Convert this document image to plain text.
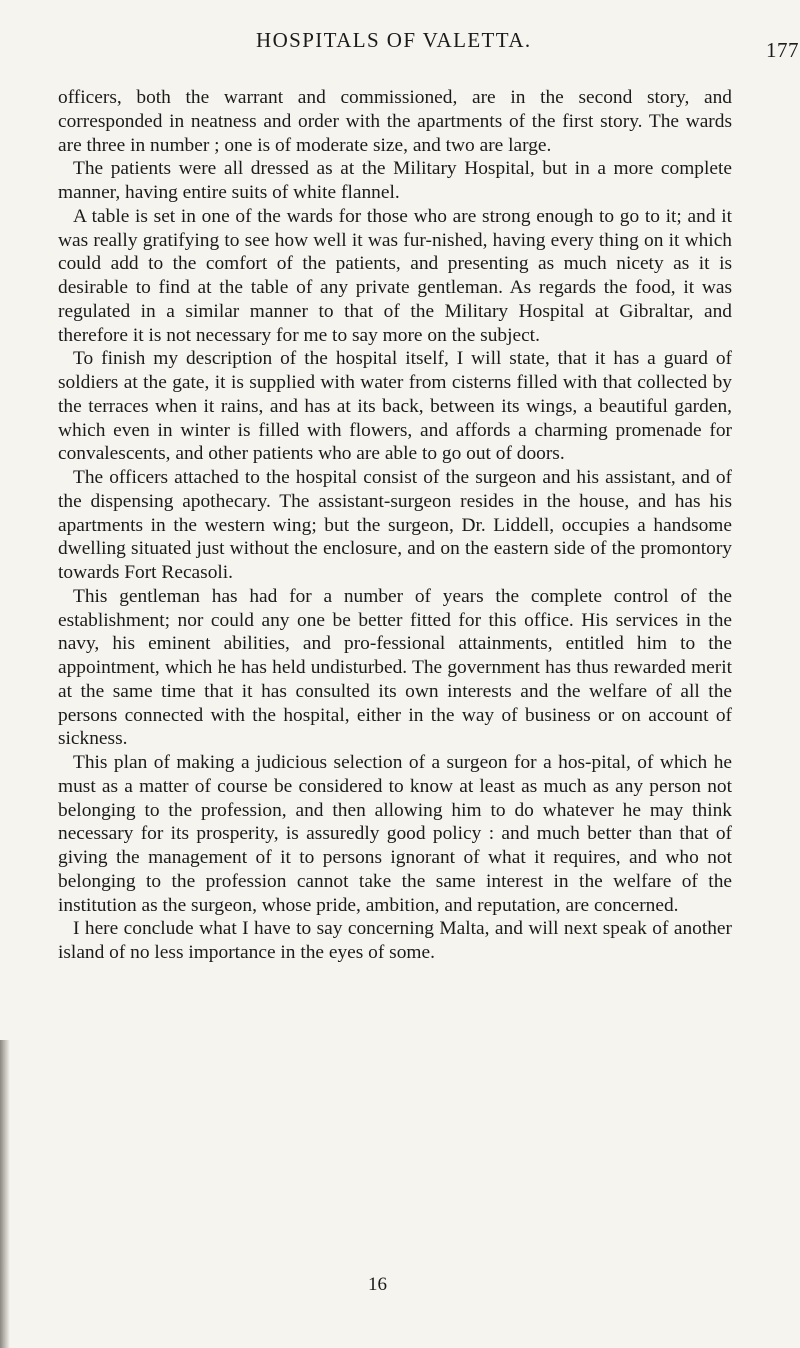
HOSPITALS OF VALETTA.	177

officers, both the warrant and commissioned, are in the second story, and corresponded in neatness and order with the apartments of the first story. The wards are three in number ; one is of moderate size, and two are large.

The patients were all dressed as at the Military Hospital, but in a more complete manner, having entire suits of white flannel.

A table is set in one of the wards for those who are strong enough to go to it; and it was really gratifying to see how well it was fur-nished, having every thing on it which could add to the comfort of the patients, and presenting as much nicety as it is desirable to find at the table of any private gentleman. As regards the food, it was regulated in a similar manner to that of the Military Hospital at Gibraltar, and therefore it is not necessary for me to say more on the subject.

To finish my description of the hospital itself, I will state, that it has a guard of soldiers at the gate, it is supplied with water from cisterns filled with that collected by the terraces when it rains, and has at its back, between its wings, a beautiful garden, which even in winter is filled with flowers, and affords a charming promenade for convalescents, and other patients who are able to go out of doors.

The officers attached to the hospital consist of the surgeon and his assistant, and of the dispensing apothecary. The assistant-surgeon resides in the house, and has his apartments in the western wing; but the surgeon, Dr. Liddell, occupies a handsome dwelling situated just without the enclosure, and on the eastern side of the promontory towards Fort Recasoli.

This gentleman has had for a number of years the complete control of the establishment; nor could any one be better fitted for this office. His services in the navy, his eminent abilities, and pro-fessional attainments, entitled him to the appointment, which he has held undisturbed. The government has thus rewarded merit at the same time that it has consulted its own interests and the welfare of all the persons connected with the hospital, either in the way of business or on account of sickness.

This plan of making a judicious selection of a surgeon for a hos-pital, of which he must as a matter of course be considered to know at least as much as any person not belonging to the profession, and then allowing him to do whatever he may think necessary for its prosperity, is assuredly good policy : and much better than that of giving the management of it to persons ignorant of what it requires, and who not belonging to the profession cannot take the same interest in the welfare of the institution as the surgeon, whose pride, ambition, and reputation, are concerned.

I here conclude what I have to say concerning Malta, and will next speak of another island of no less importance in the eyes of some.

16
